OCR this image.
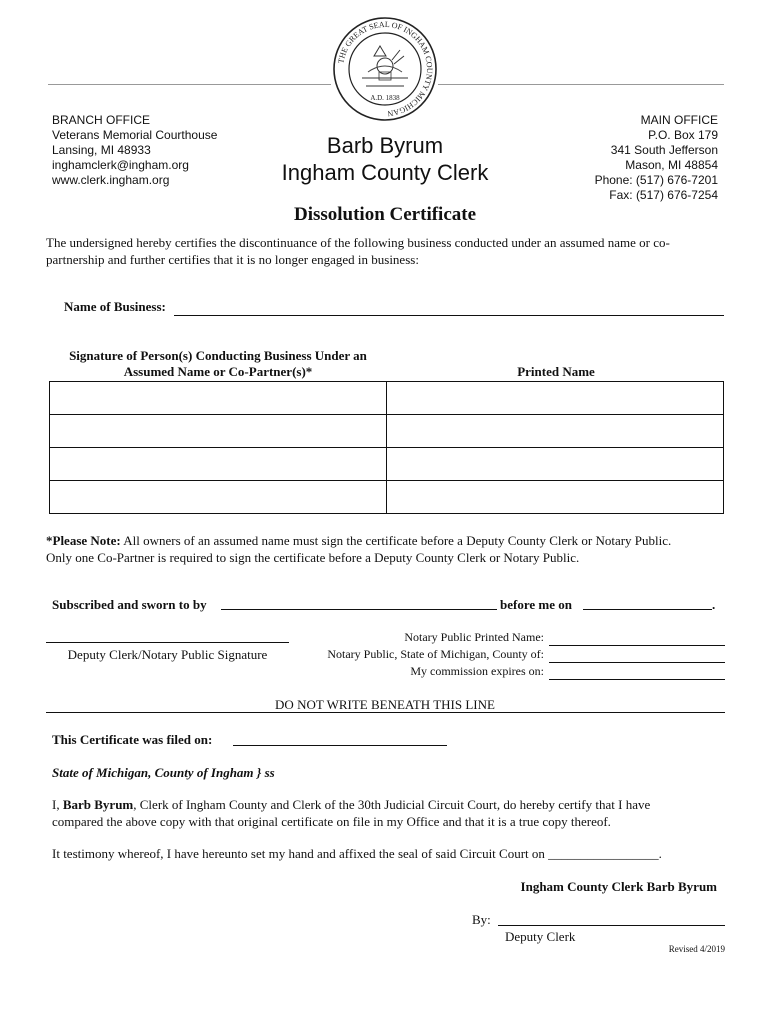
THE GREAT SEAL OF INGHAM COUNTY MICHIGAN
A.D. 1838
BRANCH OFFICE
Veterans Memorial Courthouse
Lansing, MI 48933
inghamclerk@ingham.org
www.clerk.ingham.org
Barb Byrum
Ingham County Clerk
MAIN OFFICE
P.O. Box 179
341 South Jefferson
Mason, MI 48854
Phone: (517) 676-7201
Fax: (517) 676-7254
Dissolution Certificate
The undersigned hereby certifies the discontinuance of the following business conducted under an assumed name or co-
partnership and further certifies that it is no longer engaged in business:
Name of Business:
Signature of Person(s) Conducting Business Under an
Assumed Name or Co-Partner(s)*	Printed Name

*Please Note: All owners of an assumed name must sign the certificate before a Deputy County Clerk or Notary Public.
Only one Co-Partner is required to sign the certificate before a Deputy County Clerk or Notary Public.
Subscribed and sworn to by	before me on	.
Deputy Clerk/Notary Public Signature
Notary Public Printed Name:
Notary Public, State of Michigan, County of:
My commission expires on:
DO NOT WRITE BENEATH THIS LINE
This Certificate was filed on:
State of Michigan, County of Ingham } ss
I, Barb Byrum, Clerk of Ingham County and Clerk of the 30th Judicial Circuit Court, do hereby certify that I have
compared the above copy with that original certificate on file in my Office and that it is a true copy thereof.
It testimony whereof, I have hereunto set my hand and affixed the seal of said Circuit Court on _________________.
Ingham County Clerk Barb Byrum
By:
Deputy Clerk
Revised 4/2019
